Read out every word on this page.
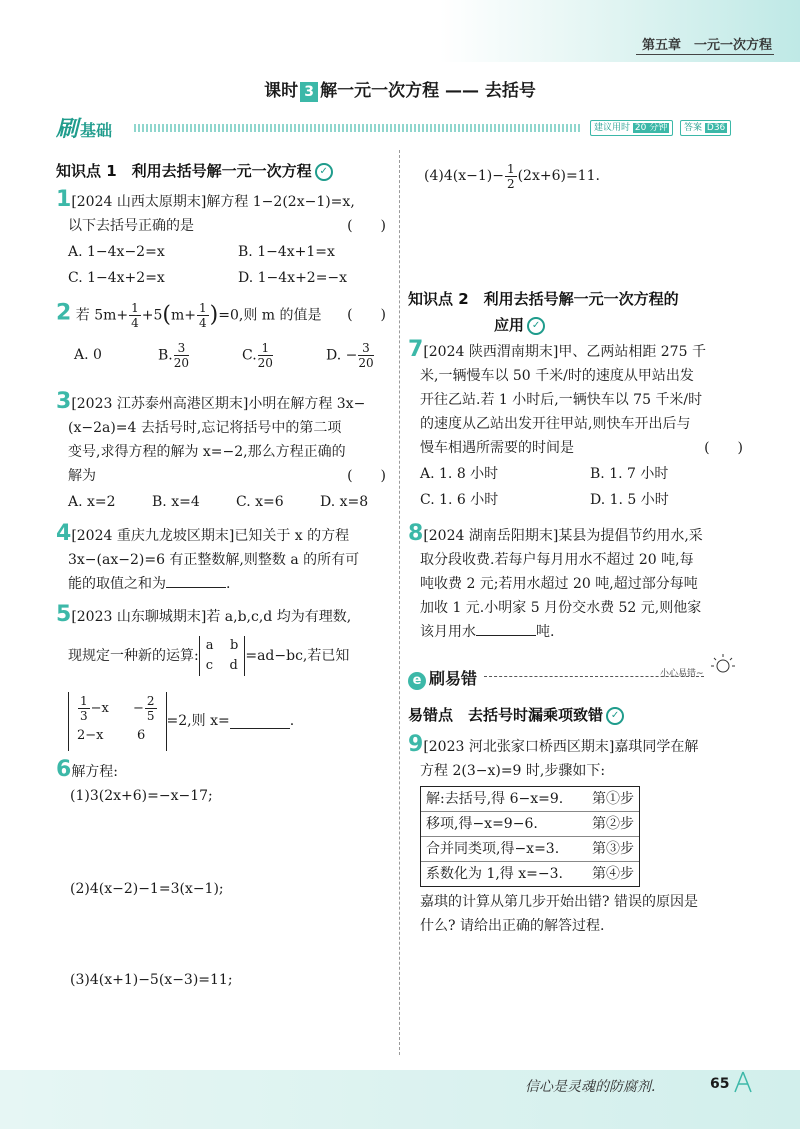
第五章　一元一次方程
课时 3 解一元一次方程 —— 去括号
刷 基础	建议用时 20 分钟	答案 D36
知识点 1　利用去括号解一元一次方程 ✓
1[2024 山西太原期末]解方程 1−2(2x−1)=x,
以下去括号正确的是	(　　)
A. 1−4x−2=x	B. 1−4x+1=x
C. 1−4x+2=x	D. 1−4x+2=−x
2 若 $5m+ \frac{1}{4} +5(m+ \frac{1}{4} )=0$,则 m 的值是 (　　)
A. 0	B. $\frac{3}{20}$	C. $\frac{1}{20}$	D. − $\frac{3}{20}$
3[2023 江苏泰州高港区期末]小明在解方程 3x−
(x−2a)=4 去括号时,忘记将括号中的第二项
变号,求得方程的解为 x=−2,那么方程正确的
解为	(　　)
A. x=2	B. x=4	C. x=6	D. x=8
4[2024 重庆九龙坡区期末]已知关于 x 的方程
3x−(ax−2)=6 有正整数解,则整数 a 的所有可
能的取值之和为	.
5[2023 山东聊城期末]若 a,b,c,d 均为有理数,
现规定一种新的运算:
a b
c d
=ad−bc,若已知
$\frac{1}{3} -x$	− $\frac{2}{5}$
2−x	6
=2,则 x=	.
6解方程:
(1)3(2x+6)=−x−17;
(2)4(x−2)−1=3(x−1);
(3)4(x+1)−5(x−3)=11;
$(4)4(x-1)- \frac{1}{2} (2x+6)=11$.
知识点 2　利用去括号解一元一次方程的
应用 ✓
7[2024 陕西渭南期末]甲、乙两站相距 275 千
米,一辆慢车以 50 千米/时的速度从甲站出发
开往乙站.若 1 小时后,一辆快车以 75 千米/时
的速度从乙站出发开往甲站,则快车开出后与
慢车相遇所需要的时间是	(　　)
A. 1. 8 小时	B. 1. 7 小时
C. 1. 6 小时	D. 1. 5 小时
8[2024 湖南岳阳期末]某县为提倡节约用水,采
取分段收费.若每户每月用水不超过 20 吨,每
吨收费 2 元;若用水超过 20 吨,超过部分每吨
加收 1 元.小明家 5 月份交水费 52 元,则他家
该月用水	吨.
e 刷易错	小心易错~
易错点　去括号时漏乘项致错 ✓
9[2023 河北张家口桥西区期末]嘉琪同学在解
方程 2(3−x)=9 时,步骤如下:
解:去括号,得 6−x=9. 第①步
移项,得−x=9−6.	第②步
合并同类项,得−x=3. 第③步
系数化为 1,得 x=−3. 第④步
嘉琪的计算从第几步开始出错? 错误的原因是
什么? 请给出正确的解答过程.
信心是灵魂的防腐剂.	65
